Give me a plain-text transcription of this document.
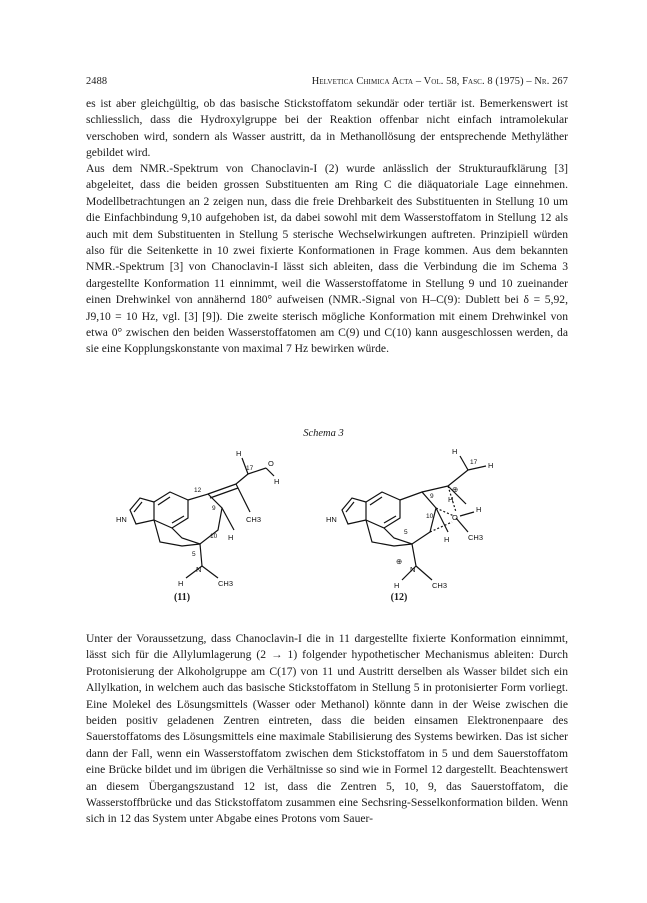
2488	Helvetica Chimica Acta – Vol. 58, Fasc. 8 (1975) – Nr. 267

es ist aber gleichgültig, ob das basische Stickstoffatom sekundär oder tertiär ist. Bemerkenswert ist schliesslich, dass die Hydroxylgruppe bei der Reaktion offenbar nicht einfach intramolekular verschoben wird, sondern als Wasser austritt, da in Methanollösung der entsprechende Methyläther gebildet wird.

Aus dem NMR.-Spektrum von Chanoclavin-I (2) wurde anlässlich der Strukturaufklärung [3] abgeleitet, dass die beiden grossen Substituenten am Ring C die diäquatoriale Lage einnehmen. Modellbetrachtungen an 2 zeigen nun, dass die freie Drehbarkeit des Substituenten in Stellung 10 um die Einfachbindung 9,10 aufgehoben ist, da dabei sowohl mit dem Wasserstoffatom in Stellung 12 als auch mit dem Substituenten in Stellung 5 sterische Wechselwirkungen auftreten. Prinzipiell würden also für die Seitenkette in 10 zwei fixierte Konformationen in Frage kommen. Aus dem bekannten NMR.-Spektrum [3] von Chanoclavin-I lässt sich ableiten, dass die Verbindung die im Schema 3 dargestellte Konformation 11 einnimmt, weil die Wasserstoffatome in Stellung 9 und 10 zueinander einen Drehwinkel von annähernd 180° aufweisen (NMR.-Signal von H–C(9): Dublett bei δ = 5,92, J9,10 = 10 Hz, vgl. [3] [9]). Die zweite sterisch mögliche Konformation mit einem Drehwinkel von etwa 0° zwischen den beiden Wasserstoffatomen am C(9) und C(10) kann ausgeschlossen werden, da sie eine Kopplungskonstante von maximal 7 Hz bewirken würde.

Schema 3
HN
12
9
10
5
17
H
O
H
CH3
H
N
CH3
H
HN
9
10
5
17
H
H
⊕
O
H
CH3
H
⊕
N
CH3
H
H
(11)	(12)

Unter der Voraussetzung, dass Chanoclavin-I die in 11 dargestellte fixierte Konformation einnimmt, lässt sich für die Allylumlagerung (2 → 1) folgender hypothetischer Mechanismus ableiten: Durch Protonisierung der Alkoholgruppe am C(17) von 11 und Austritt derselben als Wasser bildet sich ein Allylkation, in welchem auch das basische Stickstoffatom in Stellung 5 in protonisierter Form vorliegt. Eine Molekel des Lösungsmittels (Wasser oder Methanol) könnte dann in der Weise zwischen die beiden positiv geladenen Zentren eintreten, dass die beiden einsamen Elektronenpaare des Sauerstoffatoms des Lösungsmittels eine maximale Stabilisierung des Systems bewirken. Das ist sicher dann der Fall, wenn ein Wasserstoffatom zwischen dem Stickstoffatom in 5 und dem Sauerstoffatom eine Brücke bildet und im übrigen die Verhältnisse so sind wie in Formel 12 dargestellt. Beachtenswert an diesem Übergangszustand 12 ist, dass die Zentren 5, 10, 9, das Sauerstoffatom, die Wasserstoffbrücke und das Stickstoffatom zusammen eine Sechsring-Sesselkonformation bilden. Wenn sich in 12 das System unter Abgabe eines Protons vom Sauer-
